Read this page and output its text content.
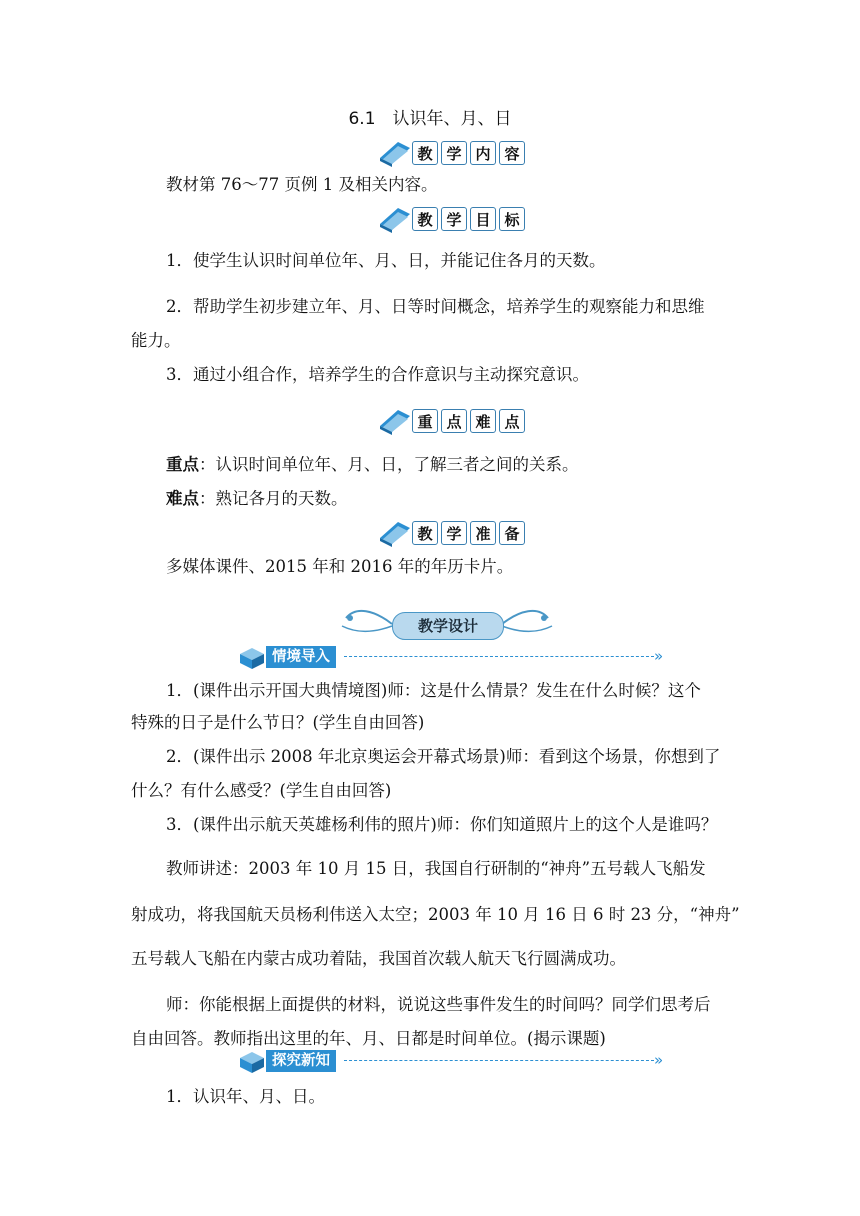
6.1　认识年、月、日
教 学 内 容
教材第 76～77 页例 1 及相关内容。
教 学 目 标
1．使学生认识时间单位年、月、日，并能记住各月的天数。
2．帮助学生初步建立年、月、日等时间概念，培养学生的观察能力和思维
能力。
3．通过小组合作，培养学生的合作意识与主动探究意识。
重 点 难 点
重点：认识时间单位年、月、日，了解三者之间的关系。
难点：熟记各月的天数。
教 学 准 备
多媒体课件、2015 年和 2016 年的年历卡片。
教学设计
情境导入	»
1．(课件出示开国大典情境图)师：这是什么情景？发生在什么时候？这个
特殊的日子是什么节日？(学生自由回答)
2．(课件出示 2008 年北京奥运会开幕式场景)师：看到这个场景，你想到了
什么？有什么感受？(学生自由回答)
3．(课件出示航天英雄杨利伟的照片)师：你们知道照片上的这个人是谁吗？
教师讲述：2003 年 10 月 15 日，我国自行研制的“神舟”五号载人飞船发
射成功，将我国航天员杨利伟送入太空；2003 年 10 月 16 日 6 时 23 分，“神舟”
五号载人飞船在内蒙古成功着陆，我国首次载人航天飞行圆满成功。
师：你能根据上面提供的材料，说说这些事件发生的时间吗？同学们思考后
自由回答。教师指出这里的年、月、日都是时间单位。(揭示课题)
探究新知	»
1．认识年、月、日。
